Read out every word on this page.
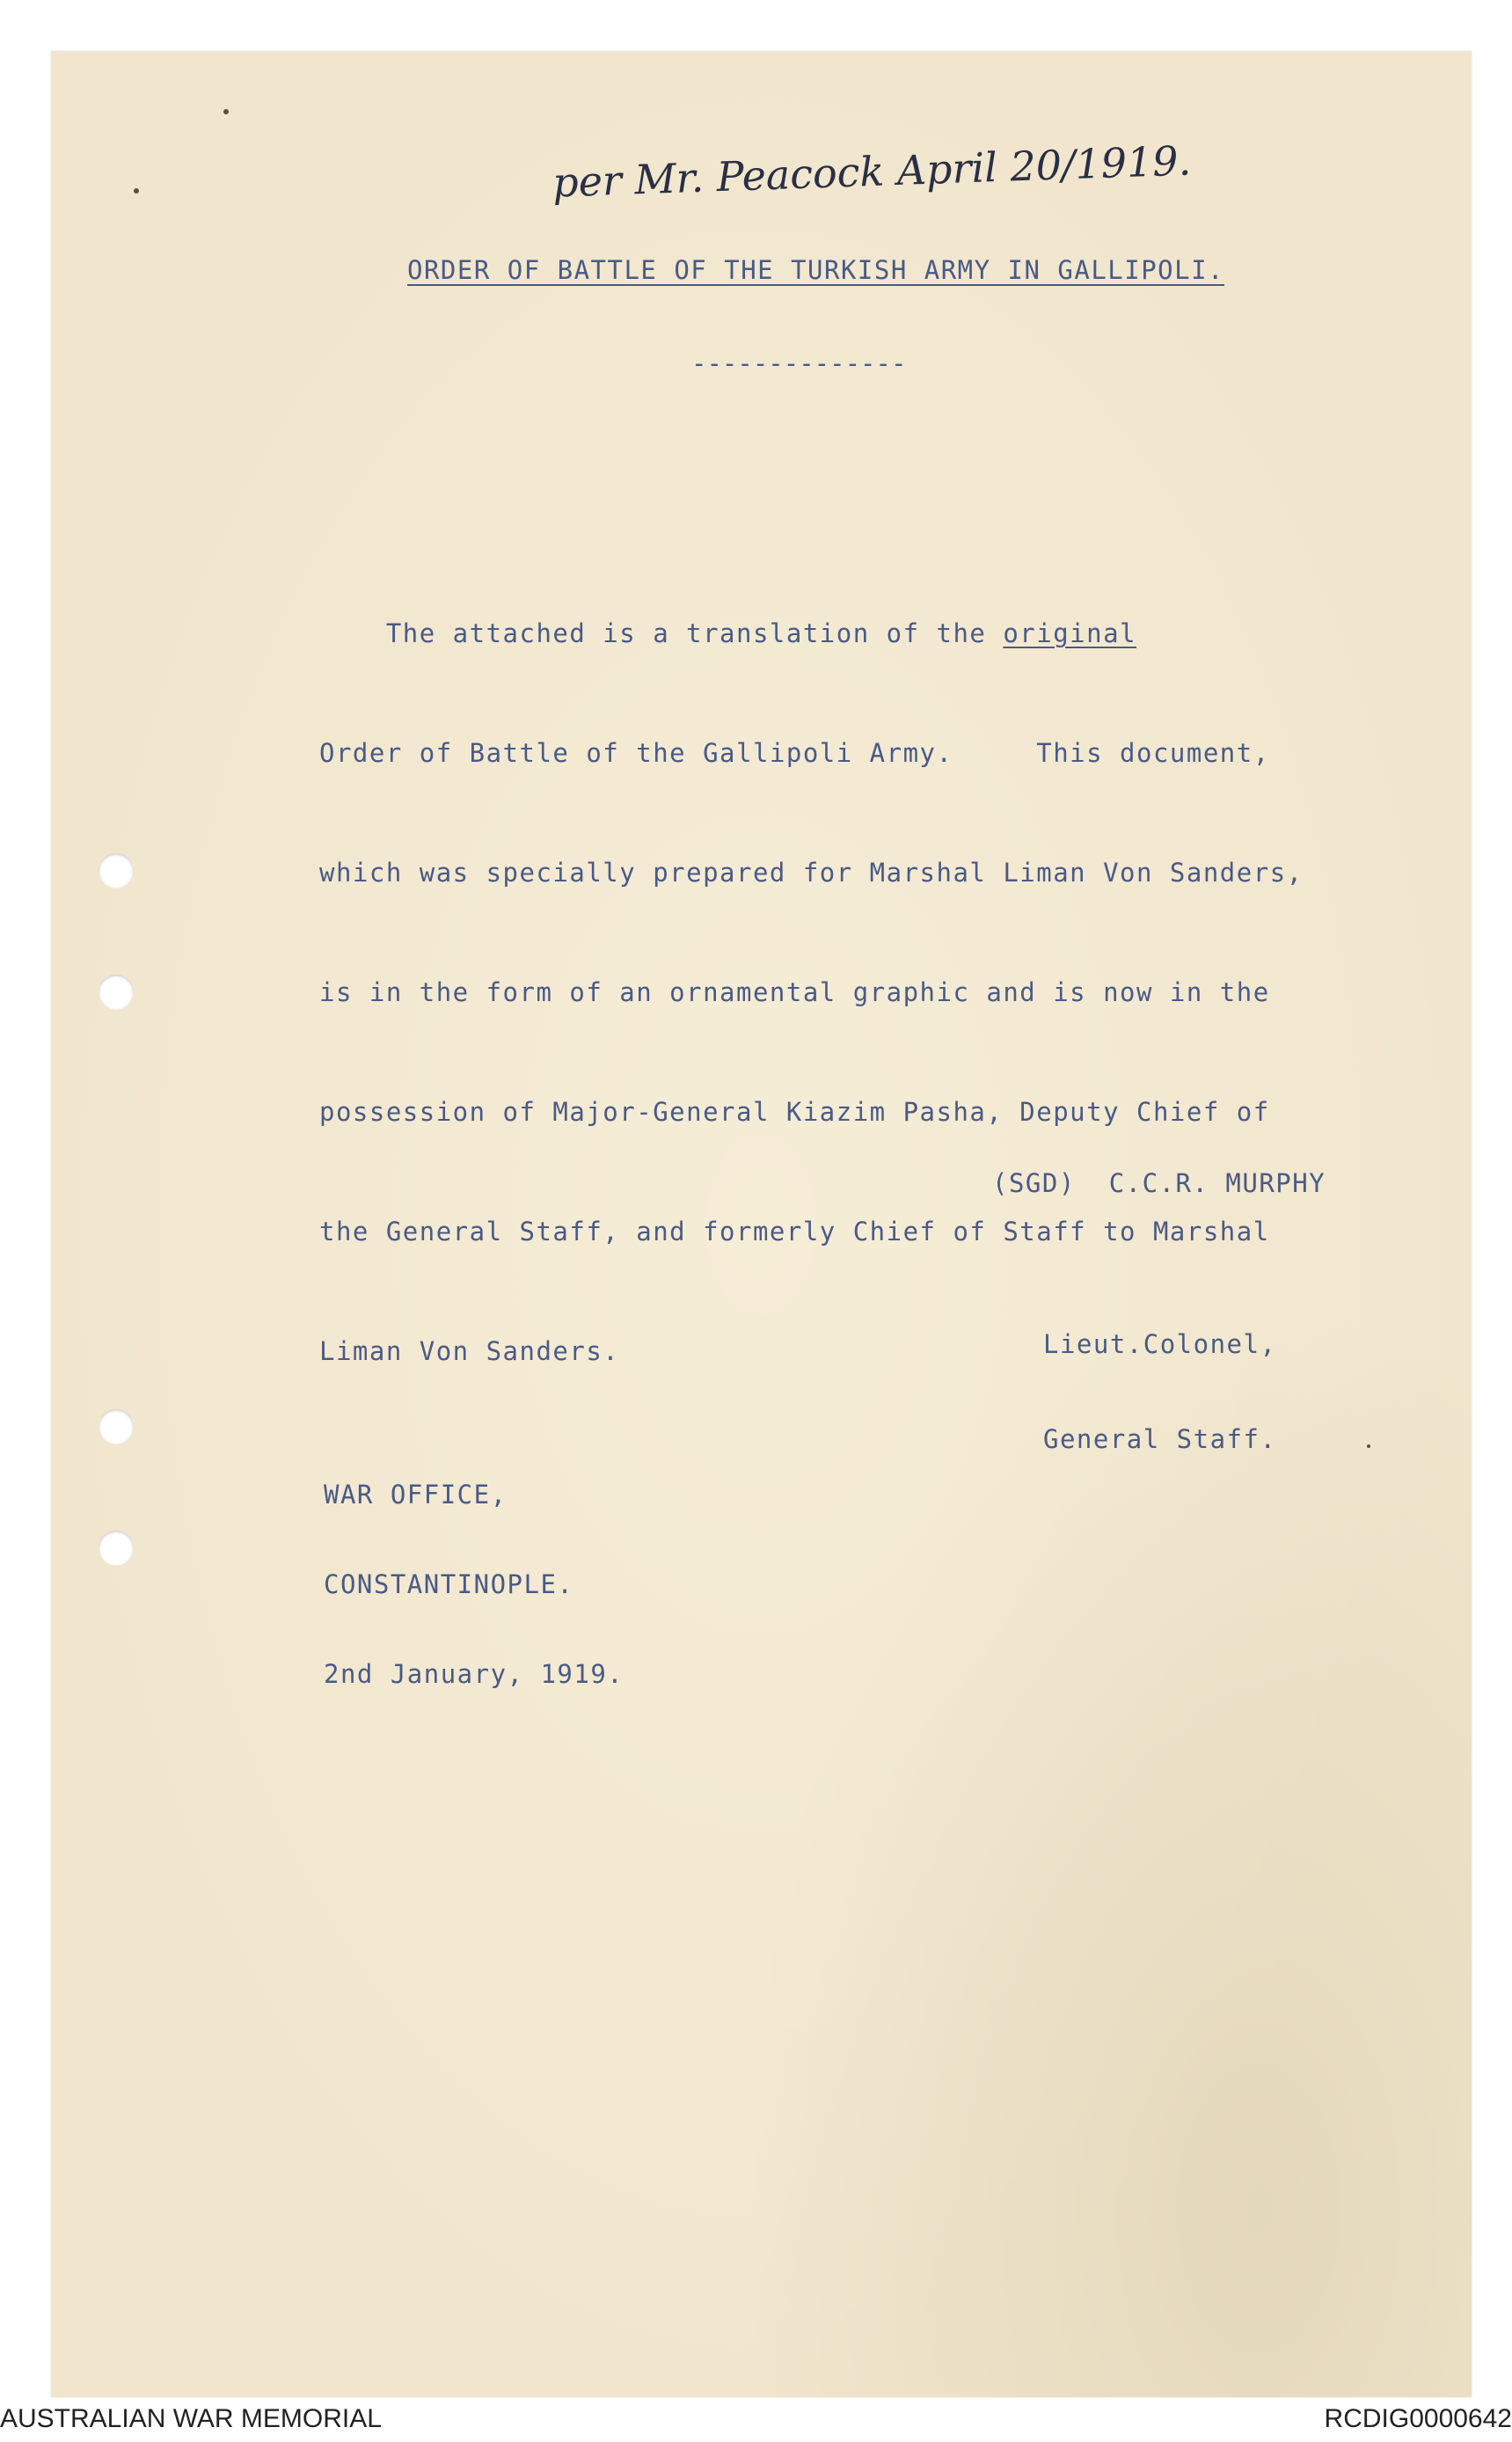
per Mr. Peacock April 20/1919.
ORDER OF BATTLE OF THE TURKISH ARMY IN GALLIPOLI.
--------------

The attached is a translation of the original

Order of Battle of the Gallipoli Army.     This document,

which was specially prepared for Marshal Liman Von Sanders,

is in the form of an ornamental graphic and is now in the

possession of Major-General Kiazim Pasha, Deputy Chief of

the General Staff, and formerly Chief of Staff to Marshal

Liman Von Sanders.

(SGD)  C.C.R. MURPHY

Lieut.Colonel,

General Staff.

WAR OFFICE,

CONSTANTINOPLE.

2nd January, 1919.

AUSTRALIAN WAR MEMORIAL	RCDIG0000642
